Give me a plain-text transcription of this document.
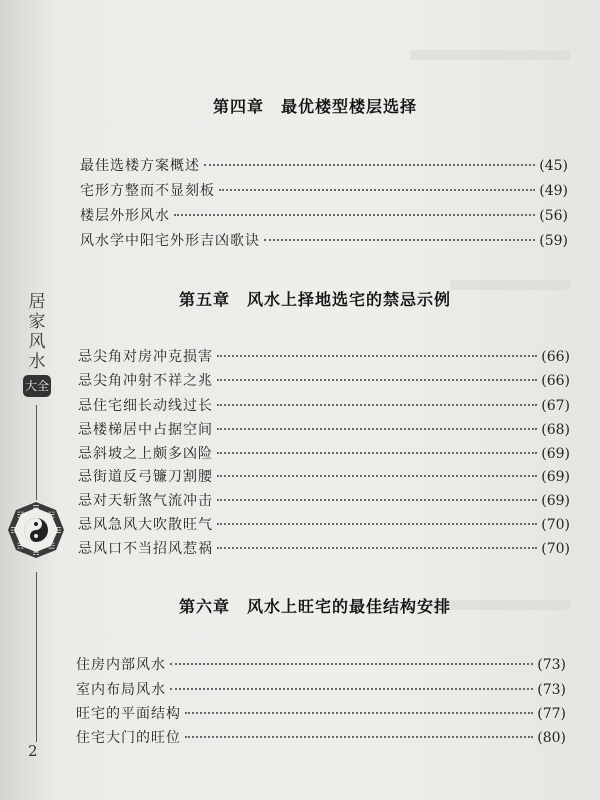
居
家
风
水
大全
☰
☱
☲
☳
☴
☵
☶
☷
2
第四章　最优楼型楼层选择
最佳选楼方案概述	(45)
宅形方整而不显刻板	(49)
楼层外形风水	(56)
风水学中阳宅外形吉凶歌诀	(59)
第五章　风水上择地选宅的禁忌示例
忌尖角对房冲克损害	(66)
忌尖角冲射不祥之兆	(66)
忌住宅细长动线过长	(67)
忌楼梯居中占据空间	(68)
忌斜坡之上颇多凶险	(69)
忌街道反弓镰刀割腰	(69)
忌对天斩煞气流冲击	(69)
忌风急风大吹散旺气	(70)
忌风口不当招风惹祸	(70)
第六章　风水上旺宅的最佳结构安排
住房内部风水	(73)
室内布局风水	(73)
旺宅的平面结构	(77)
住宅大门的旺位	(80)
